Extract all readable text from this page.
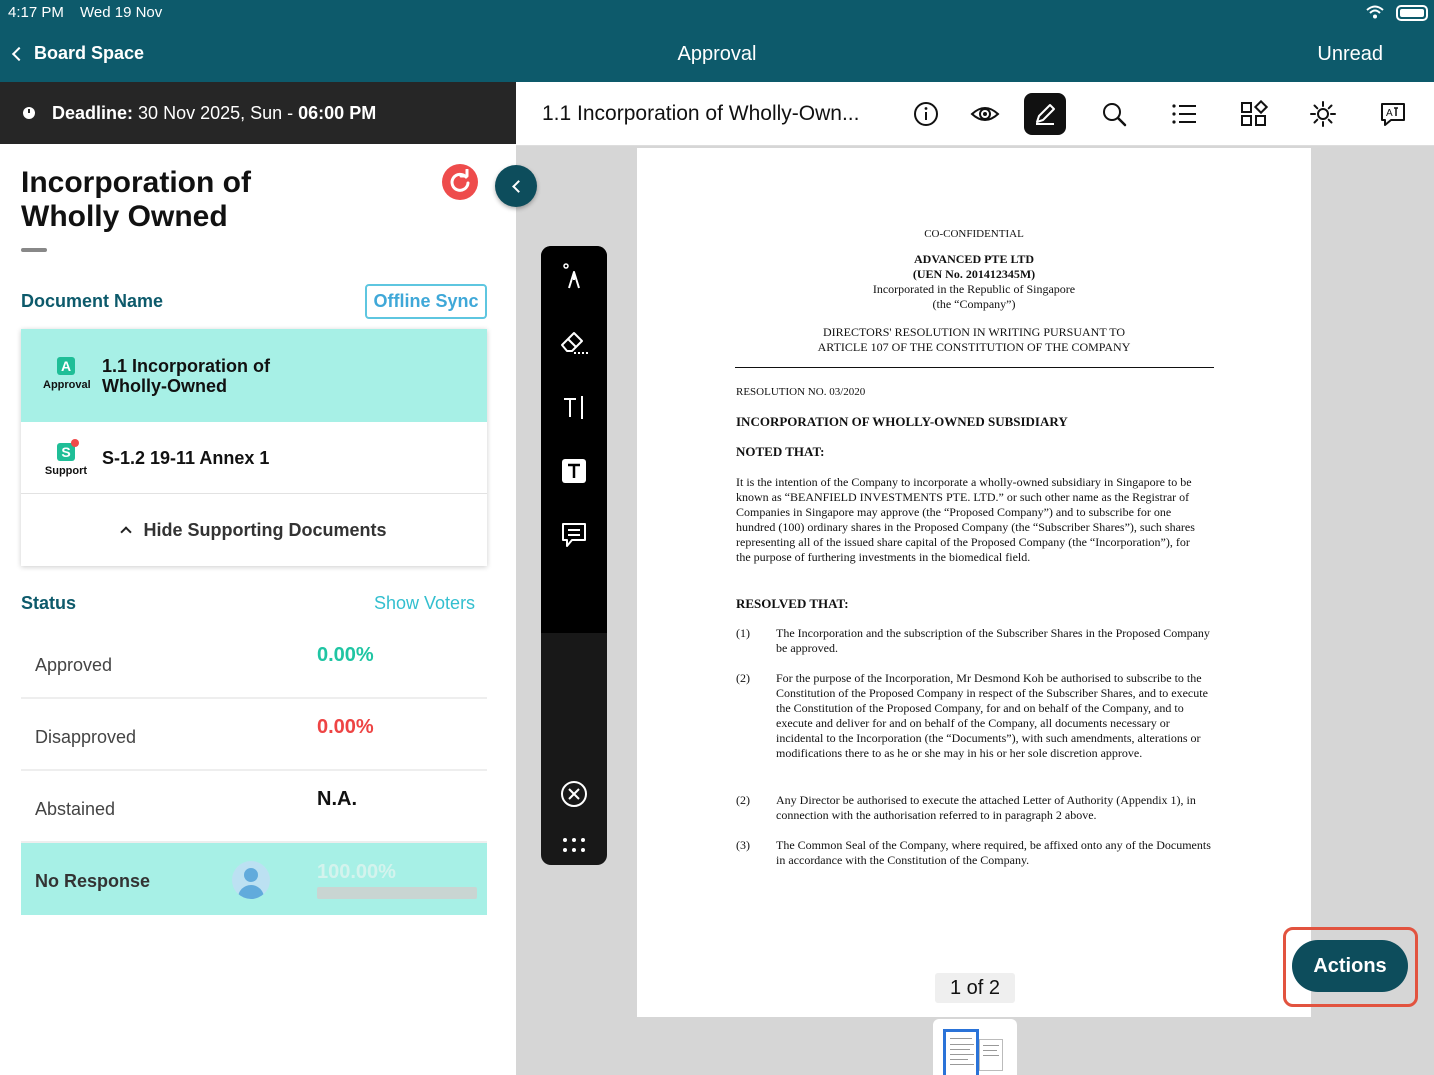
4:17 PM Wed 19 Nov
Board Space	Approval	Unread
Deadline:
30 Nov 2025, Sun - 06:00 PM
Incorporation of Wholly Owned
Document Name	Offline Sync
A
Approval
1.1 Incorporation of
Wholly-Owned
S
Support
S-1.2 19-11 Annex 1
Hide Supporting Documents
Status	Show Voters
Approved	0.00%
Disapproved	0.00%
Abstained	N.A.
No Response	100.00%
1.1 Incorporation of Wholly-Own...	A
CO-CONFIDENTIAL
ADVANCED PTE LTD
(UEN No. 201412345M)
Incorporated in the Republic of Singapore
(the “Company”)
DIRECTORS' RESOLUTION IN WRITING PURSUANT TO
ARTICLE 107 OF THE CONSTITUTION OF THE COMPANY
RESOLUTION NO. 03/2020
INCORPORATION OF WHOLLY-OWNED SUBSIDIARY
NOTED THAT:
It is the intention of the Company to incorporate a wholly-owned subsidiary in Singapore to be known as “BEANFIELD INVESTMENTS PTE. LTD.” or such other name as the Registrar of Companies in Singapore may approve (the “Proposed Company”) and to subscribe for one hundred (100) ordinary shares in the Proposed Company (the “Subscriber Shares”), such shares representing all of the issued share capital of the Proposed Company (the “Incorporation”), for the purpose of furthering investments in the biomedical field.
RESOLVED THAT:
(1) The Incorporation and the subscription of the Subscriber Shares in the Proposed Company be approved.
(2) For the purpose of the Incorporation, Mr Desmond Koh be authorised to subscribe to the Constitution of the Proposed Company in respect of the Subscriber Shares, and to execute the Constitution of the Proposed Company, for and on behalf of the Company, and to execute and deliver for and on behalf of the Company, all documents necessary or incidental to the Incorporation (the “Documents”), with such amendments, alterations or modifications there to as he or she may in his or her sole discretion approve.
(2) Any Director be authorised to execute the attached Letter of Authority (Appendix 1), in connection with the authorisation referred to in paragraph 2 above.
(3) The Common Seal of the Company, where required, be affixed onto any of the Documents in accordance with the Constitution of the Company.
1 of 2
Actions
